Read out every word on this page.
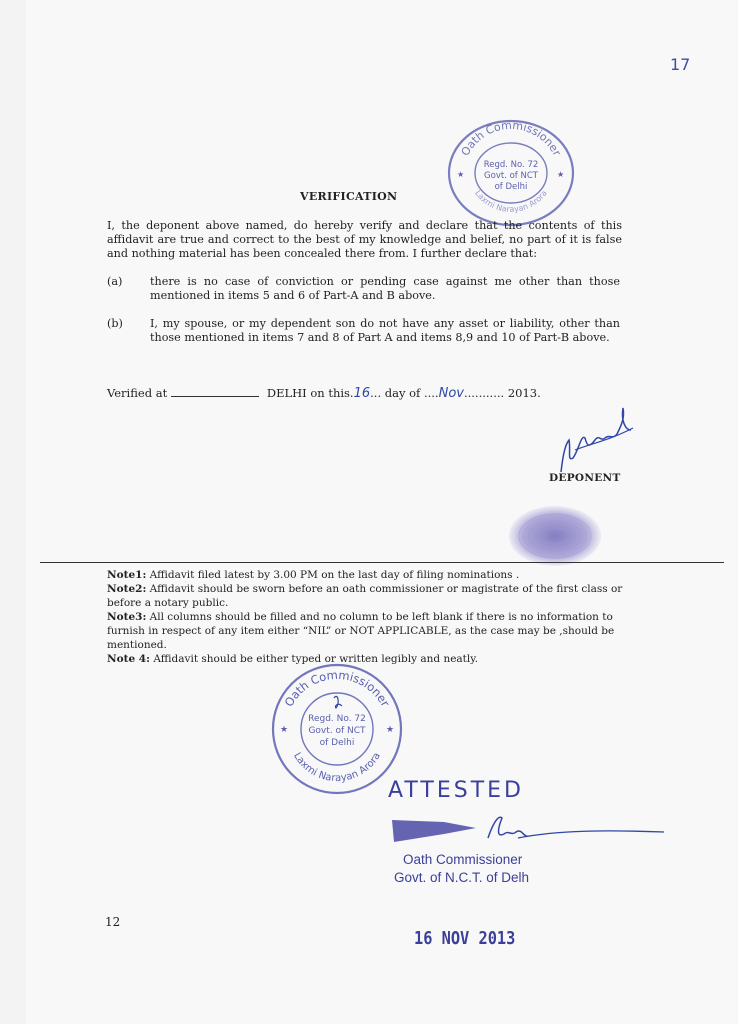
17
Oath Commissioner
Laxmi Narayan Arora
Regd. No. 72
Govt. of NCT
of Delhi
★	★
VERIFICATION
I, the deponent above named, do hereby verify and declare that the contents of this affidavit are true and correct to the best of my knowledge and belief, no part of it is false and nothing material has been concealed there from. I further declare that:
(a) there is no case of conviction or pending case against me other than those mentioned in items 5 and 6 of Part-A and B above.
(b) I, my spouse, or my dependent son do not have any asset or liability, other than those mentioned in items 7 and 8 of Part A and items 8,9 and 10 of Part-B above.
Verified at	DELHI on this.16... day of ....Nov........... 2013.
DEPONENT
Note1: Affidavit filed latest by 3.00 PM on the last day of filing nominations .
Note2: Affidavit should be sworn before an oath commissioner or magistrate of the first class or before a notary public.
Note3: All columns should be filled and no column to be left blank if there is no information to furnish in respect of any item either “NIL” or NOT APPLICABLE, as the case may be ,should be mentioned.
Note 4: Affidavit should be either typed or written legibly and neatly.
Oath Commissioner
Laxmi Narayan Arora
Regd. No. 72
Govt. of NCT
of Delhi
★	★
ATTESTED
Oath Commissioner
Govt. of N.C.T. of Delh
12
16 NOV 2013
